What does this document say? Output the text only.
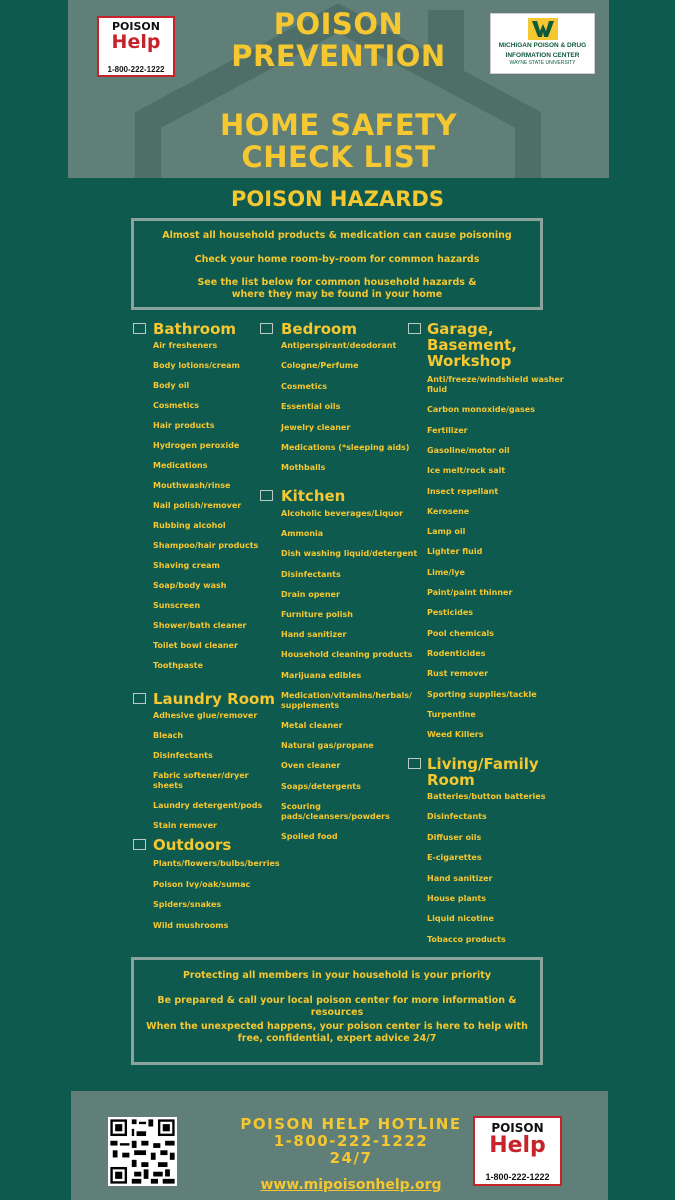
POISON
Help
1-800-222-1222
POISON
PREVENTION
HOME SAFETY
CHECK LIST
MICHIGAN POISON & DRUG
INFORMATION CENTER
WAYNE STATE UNIVERSITY
POISON HAZARDS

Almost all household products & medication can cause poisoning

Check your home room-by-room for common hazards

See the list below for common household hazards &

where they may be found in your home

Bathroom
Air fresheners
Body lotions/cream
Body oil
Cosmetics
Hair products
Hydrogen peroxide
Medications
Mouthwash/rinse
Nail polish/remover
Rubbing alcohol
Shampoo/hair products
Shaving cream
Soap/body wash
Sunscreen
Shower/bath cleaner
Toilet bowl cleaner
Toothpaste
Laundry Room
Adhesive glue/remover
Bleach
Disinfectants
Fabric softener/dryer
sheets
Laundry detergent/pods
Stain remover
Outdoors
Plants/flowers/bulbs/berries
Poison Ivy/oak/sumac
Spiders/snakes
Wild mushrooms
Bedroom
Antiperspirant/deodorant
Cologne/Perfume
Cosmetics
Essential oils
Jewelry cleaner
Medications (*sleeping aids)
Mothballs
Kitchen
Alcoholic beverages/Liquor
Ammonia
Dish washing liquid/detergent
Disinfectants
Drain opener
Furniture polish
Hand sanitizer
Household cleaning products
Marijuana edibles
Medication/vitamins/herbals/
supplements
Metal cleaner
Natural gas/propane
Oven cleaner
Soaps/detergents
Scouring
pads/cleansers/powders
Spoiled food
Garage,
Basement,
Workshop
Anti/freeze/windshield washer
fluid
Carbon monoxide/gases
Fertilizer
Gasoline/motor oil
Ice melt/rock salt
Insect repellant
Kerosene
Lamp oil
Lighter fluid
Lime/lye
Paint/paint thinner
Pesticides
Pool chemicals
Rodenticides
Rust remover
Sporting supplies/tackle
Turpentine
Weed Killers
Living/Family
Room
Batteries/button batteries
Disinfectants
Diffuser oils
E-cigarettes
Hand sanitizer
House plants
Liquid nicotine
Tobacco products

Protecting all members in your household is your priority

Be prepared & call your local poison center for more information & resources

When the unexpected happens, your poison center is here to help with

free, confidential, expert advice 24/7

POISON HELP HOTLINE
1-800-222-1222
24/7
www.mipoisonhelp.org
POISON
Help
1-800-222-1222
